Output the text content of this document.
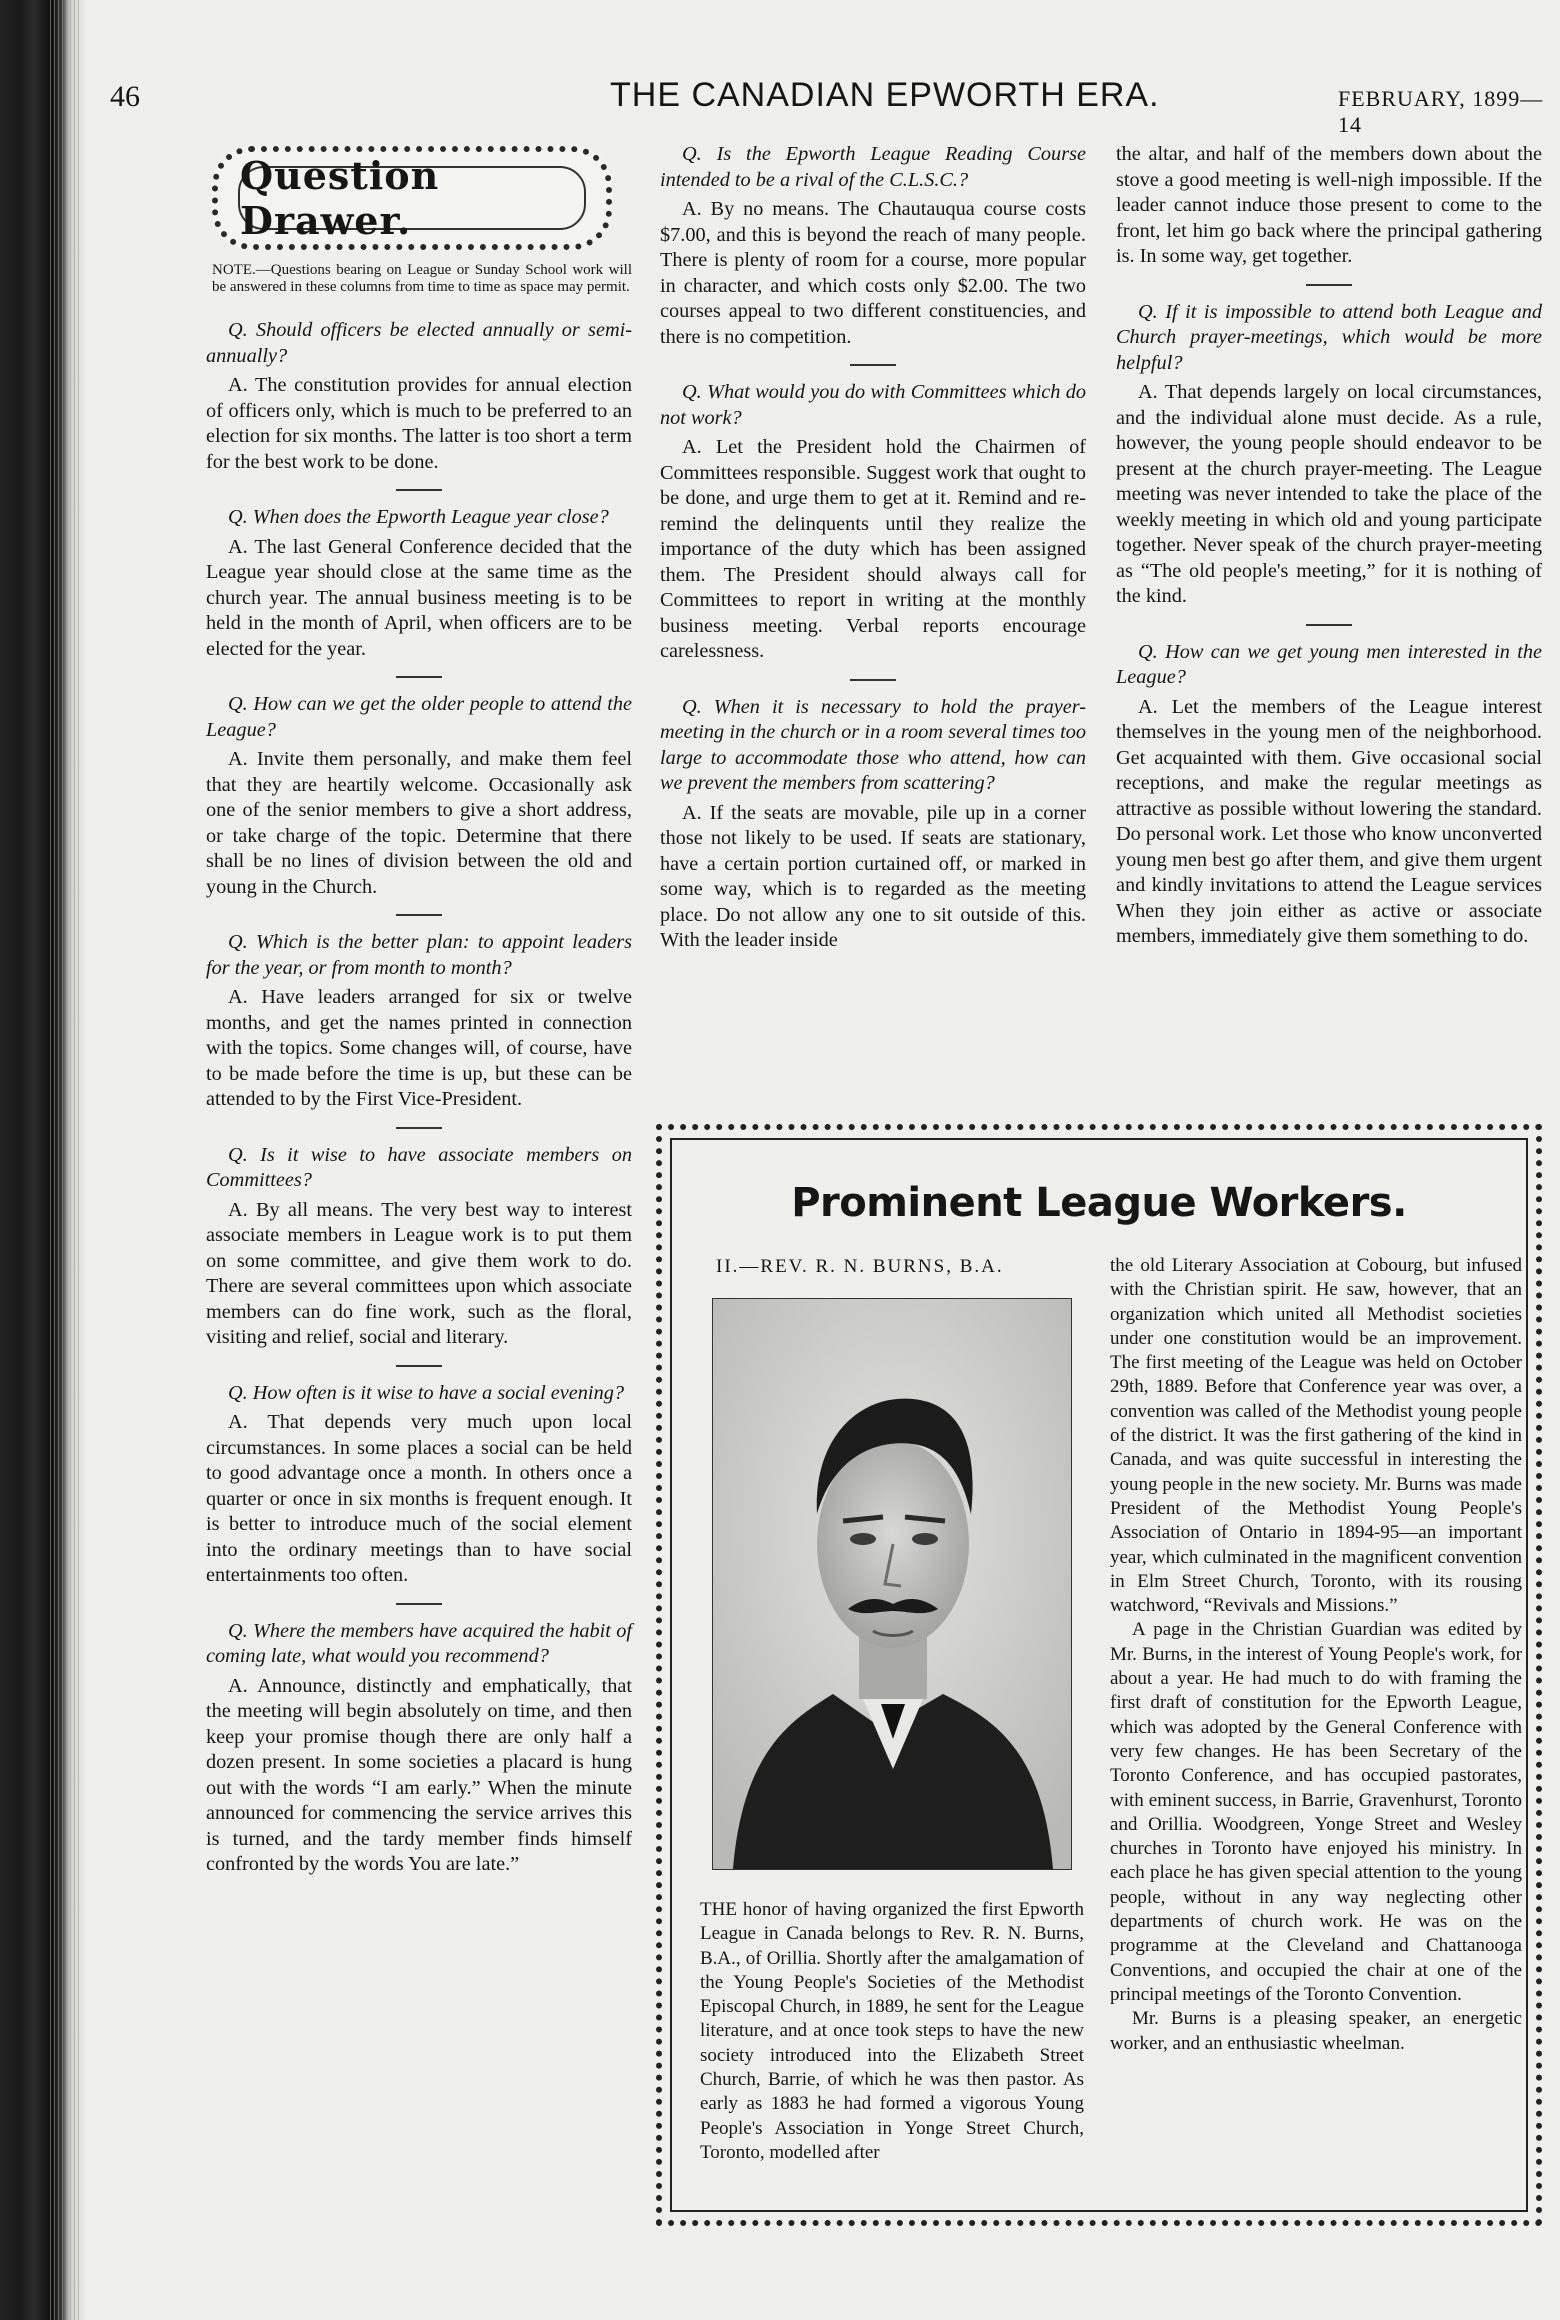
46	THE CANADIAN EPWORTH ERA.	FEBRUARY, 1899—14
Question Drawer.
NOTE.—Questions bearing on League or Sunday School work will be answered in these columns from time to time as space may permit.

Q. Should officers be elected annually or semi-annually?

A. The constitution provides for annual election of officers only, which is much to be preferred to an election for six months. The latter is too short a term for the best work to be done.

Q. When does the Epworth League year close?

A. The last General Conference decided that the League year should close at the same time as the church year. The annual business meeting is to be held in the month of April, when officers are to be elected for the year.

Q. How can we get the older people to attend the League?

A. Invite them personally, and make them feel that they are heartily welcome. Occasionally ask one of the senior members to give a short address, or take charge of the topic. Determine that there shall be no lines of division between the old and young in the Church.

Q. Which is the better plan: to appoint leaders for the year, or from month to month?

A. Have leaders arranged for six or twelve months, and get the names printed in connection with the topics. Some changes will, of course, have to be made before the time is up, but these can be attended to by the First Vice-President.

Q. Is it wise to have associate members on Committees?

A. By all means. The very best way to interest associate members in League work is to put them on some committee, and give them work to do. There are several committees upon which associate members can do fine work, such as the floral, visiting and relief, social and literary.

Q. How often is it wise to have a social evening?

A. That depends very much upon local circumstances. In some places a social can be held to good advantage once a month. In others once a quarter or once in six months is frequent enough. It is better to introduce much of the social element into the ordinary meetings than to have social entertainments too often.

Q. Where the members have acquired the habit of coming late, what would you recommend?

A. Announce, distinctly and emphatically, that the meeting will begin absolutely on time, and then keep your promise though there are only half a dozen present. In some societies a placard is hung out with the words “I am early.” When the minute announced for commencing the service arrives this is turned, and the tardy member finds himself confronted by the words You are late.”

Q. Is the Epworth League Reading Course intended to be a rival of the C.L.S.C.?

A. By no means. The Chautauqua course costs $7.00, and this is beyond the reach of many people. There is plenty of room for a course, more popular in character, and which costs only $2.00. The two courses appeal to two different constituencies, and there is no competition.

Q. What would you do with Committees which do not work?

A. Let the President hold the Chairmen of Committees responsible. Suggest work that ought to be done, and urge them to get at it. Remind and re-remind the delinquents until they realize the importance of the duty which has been assigned them. The President should always call for Committees to report in writing at the monthly business meeting. Verbal reports encourage carelessness.

Q. When it is necessary to hold the prayer-meeting in the church or in a room several times too large to accommodate those who attend, how can we prevent the members from scattering?

A. If the seats are movable, pile up in a corner those not likely to be used. If seats are stationary, have a certain portion curtained off, or marked in some way, which is to regarded as the meeting place. Do not allow any one to sit outside of this. With the leader inside

the altar, and half of the members down about the stove a good meeting is well-nigh impossible. If the leader cannot induce those present to come to the front, let him go back where the principal gathering is. In some way, get together.

Q. If it is impossible to attend both League and Church prayer-meetings, which would be more helpful?

A. That depends largely on local circumstances, and the individual alone must decide. As a rule, however, the young people should endeavor to be present at the church prayer-meeting. The League meeting was never intended to take the place of the weekly meeting in which old and young participate together. Never speak of the church prayer-meeting as “The old people's meeting,” for it is nothing of the kind.

Q. How can we get young men interested in the League?

A. Let the members of the League interest themselves in the young men of the neighborhood. Get acquainted with them. Give occasional social receptions, and make the regular meetings as attractive as possible without lowering the standard. Do personal work. Let those who know unconverted young men best go after them, and give them urgent and kindly invitations to attend the League services When they join either as active or associate members, immediately give them something to do.

Prominent League Workers.
II.—REV. R. N. BURNS, B.A.
THE honor of having organized the first Epworth League in Canada belongs to Rev. R. N. Burns, B.A., of Orillia. Shortly after the amalgamation of the Young People's Societies of the Methodist Episcopal Church, in 1889, he sent for the League literature, and at once took steps to have the new society introduced into the Elizabeth Street Church, Barrie, of which he was then pastor. As early as 1883 he had formed a vigorous Young People's Association in Yonge Street Church, Toronto, modelled after
the old Literary Association at Cobourg, but infused with the Christian spirit. He saw, however, that an organization which united all Methodist societies under one constitution would be an improvement. The first meeting of the League was held on October 29th, 1889. Before that Conference year was over, a convention was called of the Methodist young people of the district. It was the first gathering of the kind in Canada, and was quite successful in interesting the young people in the new society. Mr. Burns was made President of the Methodist Young People's Association of Ontario in 1894-95—an important year, which culminated in the magnificent convention in Elm Street Church, Toronto, with its rousing watchword, “Revivals and Missions.”
A page in the Christian Guardian was edited by Mr. Burns, in the interest of Young People's work, for about a year. He had much to do with framing the first draft of constitution for the Epworth League, which was adopted by the General Conference with very few changes. He has been Secretary of the Toronto Conference, and has occupied pastorates, with eminent success, in Barrie, Gravenhurst, Toronto and Orillia. Woodgreen, Yonge Street and Wesley churches in Toronto have enjoyed his ministry. In each place he has given special attention to the young people, without in any way neglecting other departments of church work. He was on the programme at the Cleveland and Chattanooga Conventions, and occupied the chair at one of the principal meetings of the Toronto Convention.
Mr. Burns is a pleasing speaker, an energetic worker, and an enthusiastic wheelman.
